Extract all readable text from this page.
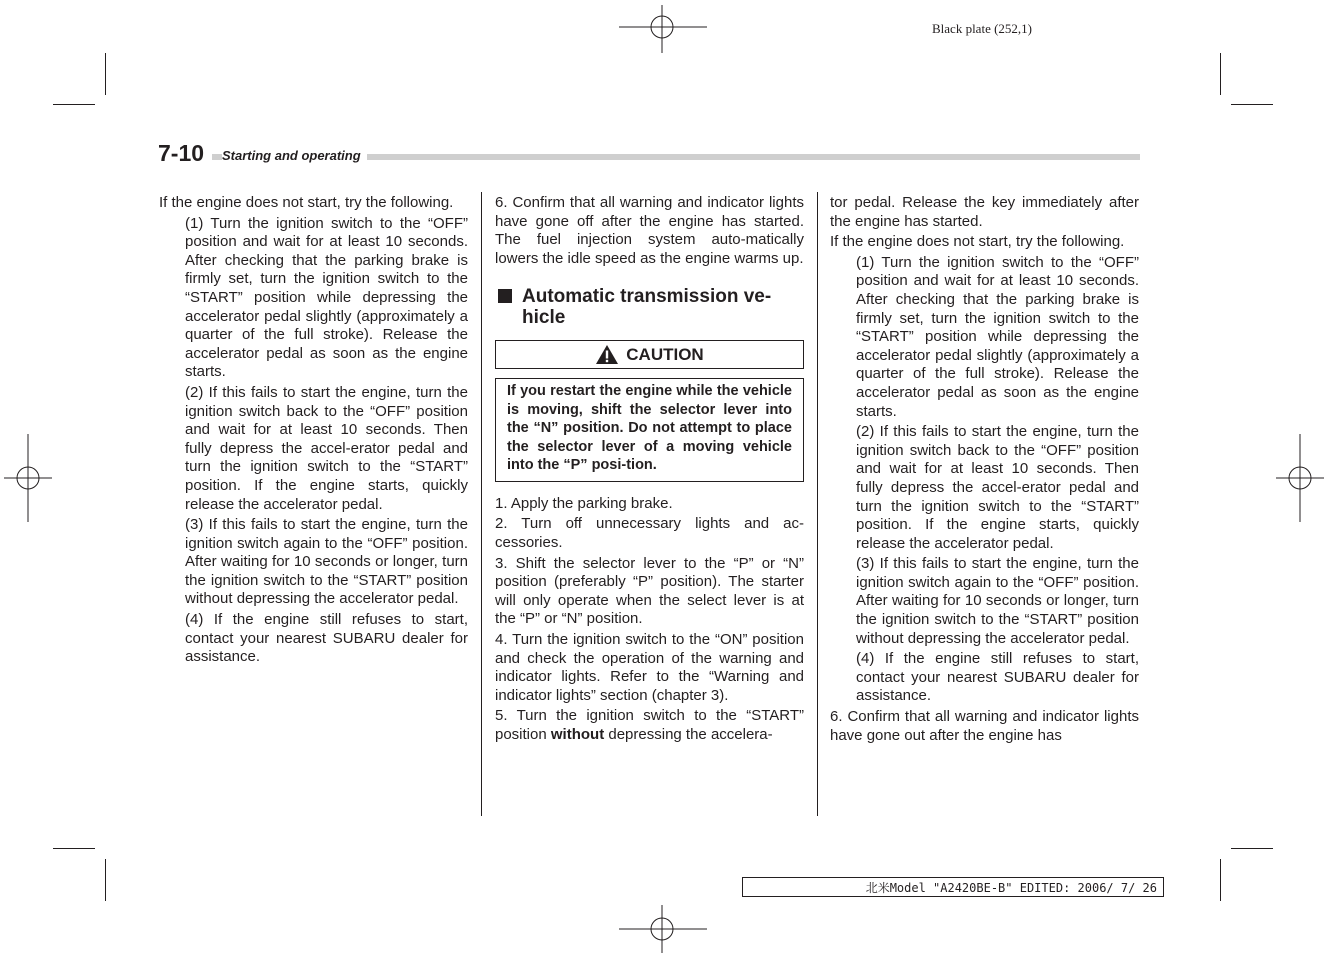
Black plate (252,1)
7-10	Starting and operating

If the engine does not start, try the following.

(1) Turn the ignition switch to the “OFF” position and wait for at least 10 seconds. After checking that the parking brake is firmly set, turn the ignition switch to the “START” position while depressing the accelerator pedal slightly (approximately a quarter of the full stroke). Release the accelerator pedal as soon as the engine starts.

(2) If this fails to start the engine, turn the ignition switch back to the “OFF” position and wait for at least 10 seconds. Then fully depress the accel-erator pedal and turn the ignition switch to the “START” position. If the engine starts, quickly release the accelerator pedal.

(3) If this fails to start the engine, turn the ignition switch again to the “OFF” position. After waiting for 10 seconds or longer, turn the ignition switch to the “START” position without depressing the accelerator pedal.

(4) If the engine still refuses to start, contact your nearest SUBARU dealer for assistance.

6. Confirm that all warning and indicator lights have gone off after the engine has started. The fuel injection system auto-matically lowers the idle speed as the engine warms up.

Automatic transmission ve-hicle
CAUTION
If you restart the engine while the vehicle is moving, shift the selector lever into the “N” position. Do not attempt to place the selector lever of a moving vehicle into the “P” posi-tion.

1. Apply the parking brake.

2. Turn off unnecessary lights and ac-cessories.

3. Shift the selector lever to the “P” or “N” position (preferably “P” position). The starter will only operate when the select lever is at the “P” or “N” position.

4. Turn the ignition switch to the “ON” position and check the operation of the warning and indicator lights. Refer to the “Warning and indicator lights” section (chapter 3).

5. Turn the ignition switch to the “START” position without depressing the accelera-

tor pedal. Release the key immediately after the engine has started.

If the engine does not start, try the following.

(1) Turn the ignition switch to the “OFF” position and wait for at least 10 seconds. After checking that the parking brake is firmly set, turn the ignition switch to the “START” position while depressing the accelerator pedal slightly (approximately a quarter of the full stroke). Release the accelerator pedal as soon as the engine starts.

(2) If this fails to start the engine, turn the ignition switch back to the “OFF” position and wait for at least 10 seconds. Then fully depress the accel-erator pedal and turn the ignition switch to the “START” position. If the engine starts, quickly release the accelerator pedal.

(3) If this fails to start the engine, turn the ignition switch again to the “OFF” position. After waiting for 10 seconds or longer, turn the ignition switch to the “START” position without depressing the accelerator pedal.

(4) If the engine still refuses to start, contact your nearest SUBARU dealer for assistance.

6. Confirm that all warning and indicator lights have gone out after the engine has

北米Model "A2420BE-B" EDITED: 2006/ 7/ 26
